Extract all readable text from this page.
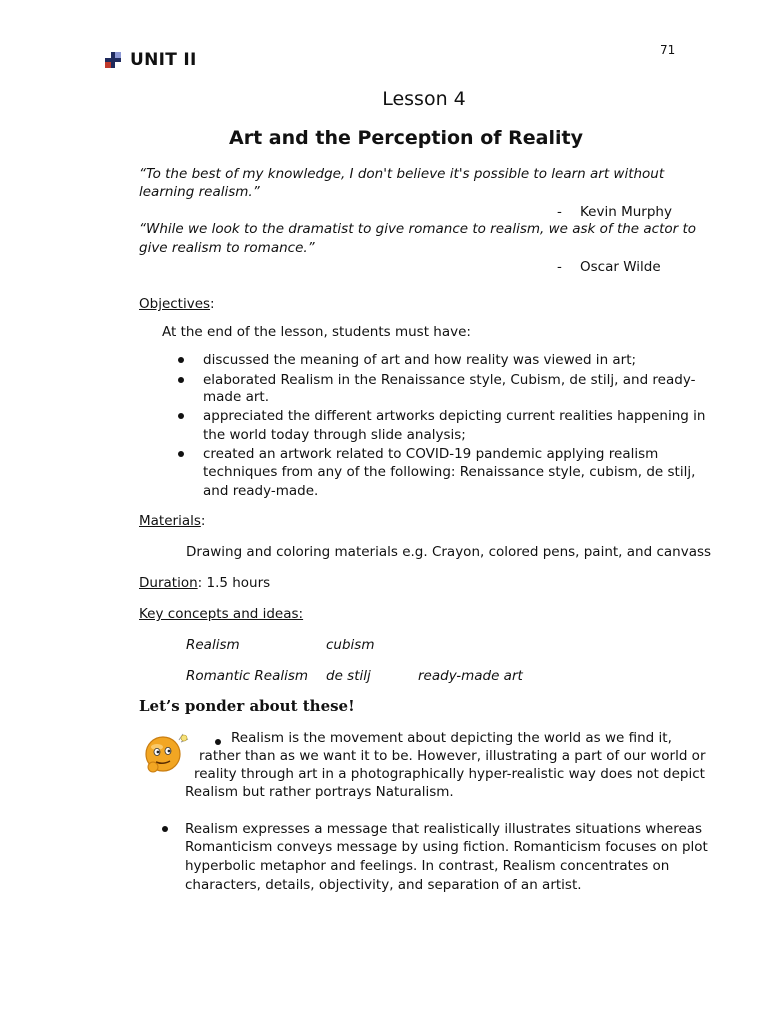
UNIT II	71
Lesson 4
Art and the Perception of Reality
“To the best of my knowledge, I don't believe it's possible to learn art without
learning realism.”
- Kevin Murphy
“While we look to the dramatist to give romance to realism, we ask of the actor to
give realism to romance.”
- Oscar Wilde
Objectives:
At the end of the lesson, students must have:
discussed the meaning of art and how reality was viewed in art;
elaborated Realism in the Renaissance style, Cubism, de stilj, and ready-
made art.
appreciated the different artworks depicting current realities happening in
the world today through slide analysis;
created an artwork related to COVID-19 pandemic applying realism
techniques from any of the following: Renaissance style, cubism, de stilj,
and ready-made.
Materials:
Drawing and coloring materials e.g. Crayon, colored pens, paint, and canvass
Duration: 1.5 hours
Key concepts and ideas:
Realism	cubism
Romantic Realism de stilj	ready-made art
Let’s ponder about these!
Realism is the movement about depicting the world as we find it,
rather than as we want it to be. However, illustrating a part of our world or
reality through art in a photographically hyper-realistic way does not depict
Realism but rather portrays Naturalism.
Realism expresses a message that realistically illustrates situations whereas
Romanticism conveys message by using fiction. Romanticism focuses on plot
hyperbolic metaphor and feelings. In contrast, Realism concentrates on
characters, details, objectivity, and separation of an artist.
